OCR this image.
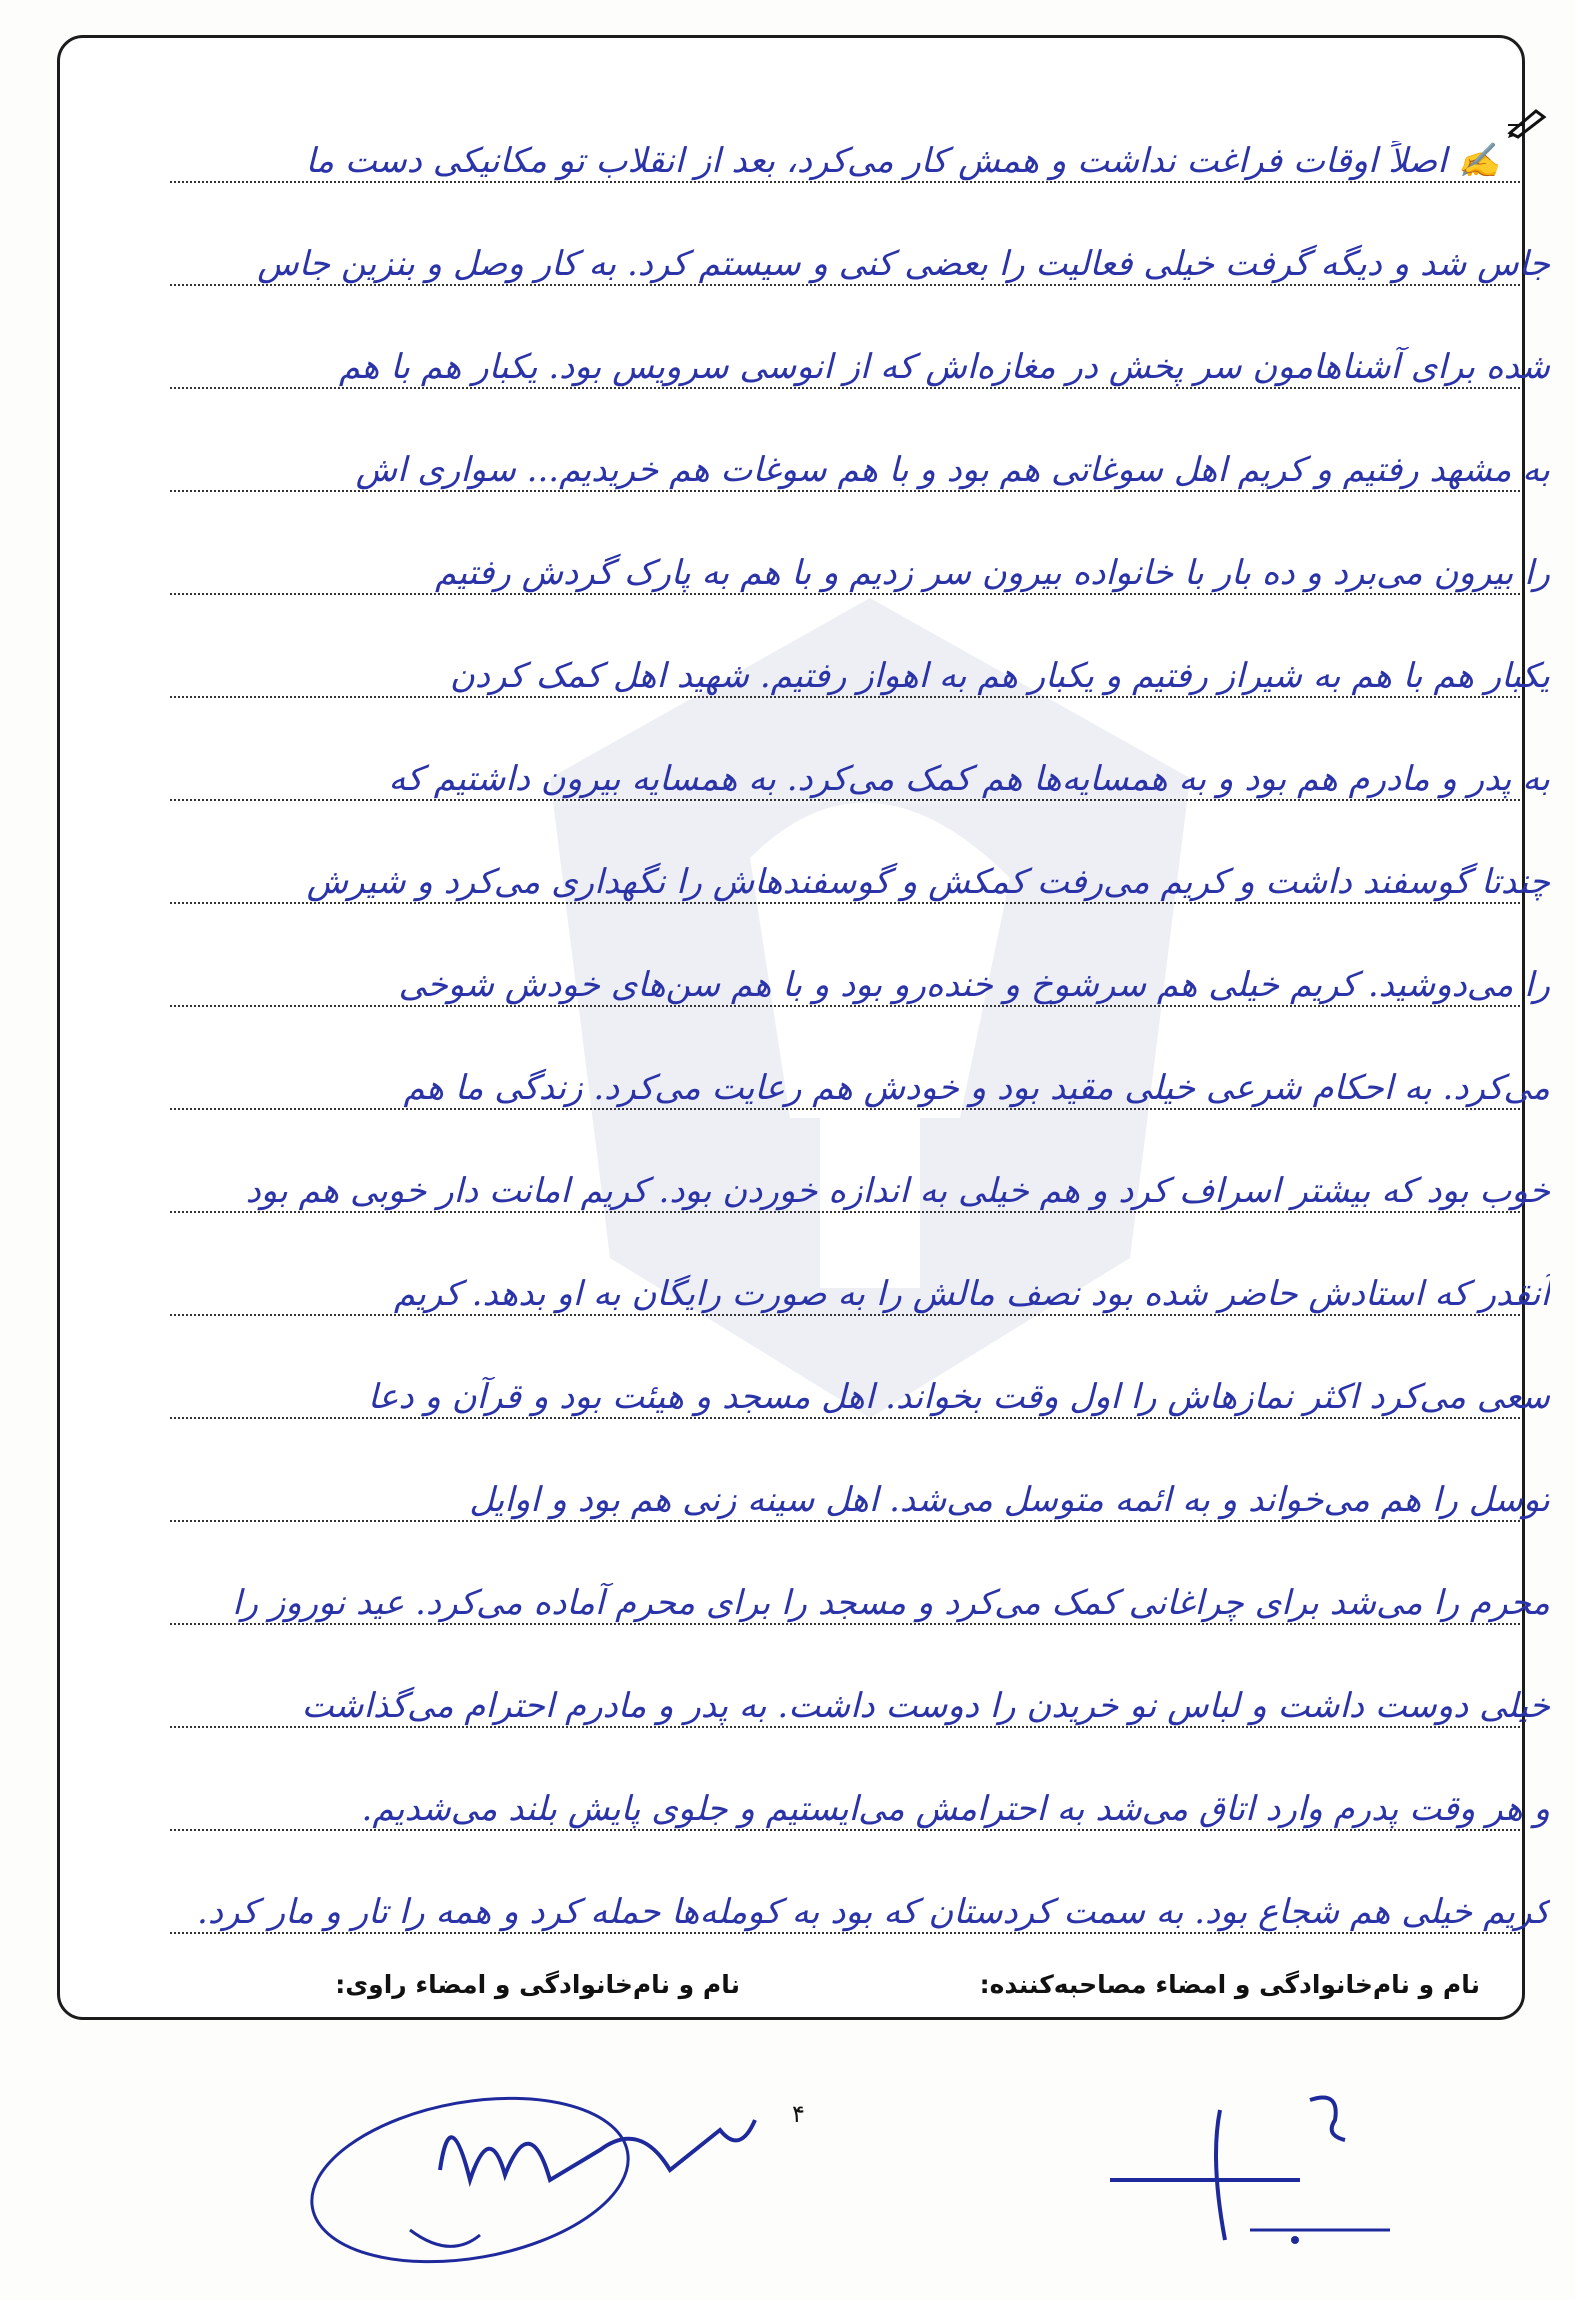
✍ اصلاً اوقات فراغت نداشت و همش کار می‌کرد، بعد از انقلاب تو مکانیکی دست ما
جاس شد و دیگه گرفت خیلی فعالیت را بعضی کنی و سیستم کرد. به کار وصل و بنزین جاس
شده برای آشناهامون سر پخش در مغازه‌اش که از انوسی سرویس بود. یکبار هم با هم
به مشهد رفتیم و کریم اهل سوغاتی هم بود و با هم سوغات هم خریدیم... سواری اش
را بیرون می‌برد و ده بار با خانواده بیرون سر زدیم و با هم به پارک گردش رفتیم
یکبار هم با هم به شیراز رفتیم و یکبار هم به اهواز رفتیم. شهید اهل کمک کردن
به پدر و مادرم هم بود و به همسایه‌ها هم کمک می‌کرد. به همسایه بیرون داشتیم که
چندتا گوسفند داشت و کریم می‌رفت کمکش و گوسفندهاش را نگهداری می‌کرد و شیرش
را می‌دوشید. کریم خیلی هم سرشوخ و خنده‌رو بود و با هم سن‌های خودش شوخی
می‌کرد. به احکام شرعی خیلی مقید بود و خودش هم رعایت می‌کرد. زندگی ما هم
خوب بود که بیشتر اسراف کرد و هم خیلی به اندازه خوردن بود. کریم امانت دار خوبی هم بود
آنقدر که استادش حاضر شده بود نصف مالش را به صورت رایگان به او بدهد. کریم
سعی می‌کرد اکثر نمازهاش را اول وقت بخواند. اهل مسجد و هیئت بود و قرآن و دعا
توسل را هم می‌خواند و به ائمه متوسل می‌شد. اهل سینه زنی هم بود و اوایل
محرم را می‌شد برای چراغانی کمک می‌کرد و مسجد را برای محرم آماده می‌کرد. عید نوروز را
خیلی دوست داشت و لباس نو خریدن را دوست داشت. به پدر و مادرم احترام می‌گذاشت
و هر وقت پدرم وارد اتاق می‌شد به احترامش می‌ایستیم و جلوی پایش بلند می‌شدیم.
کریم خیلی هم شجاع بود. به سمت کردستان که بود به کومله‌ها حمله کرد و همه را تار و مار کرد.
نام و نام‌خانوادگی و امضاء مصاحبه‌کننده:
نام و نام‌خانوادگی و امضاء راوی:
۴
